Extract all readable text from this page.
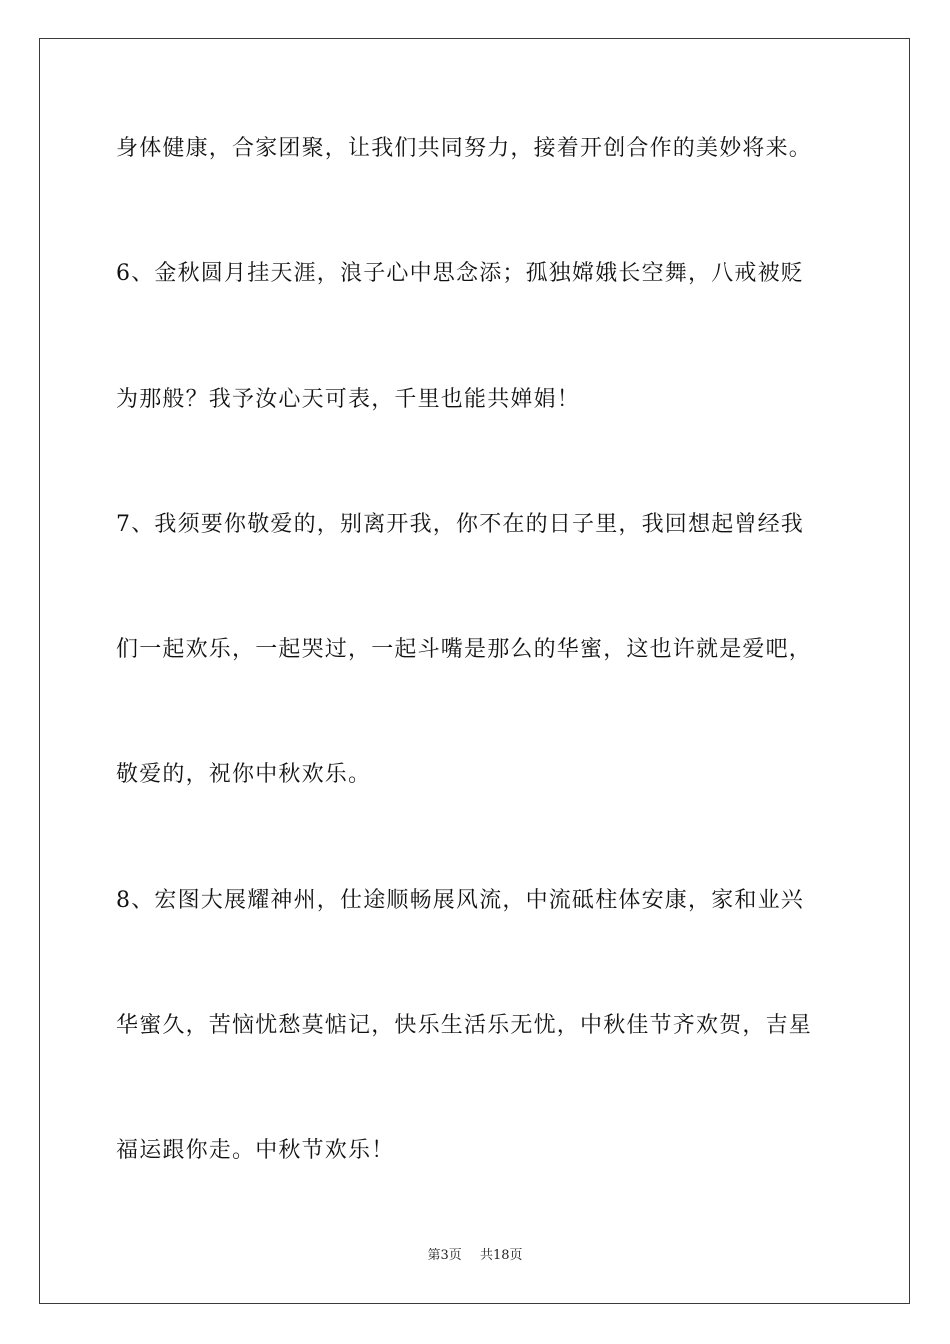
身体健康，合家团聚，让我们共同努力，接着开创合作的美妙将来。
6、金秋圆月挂天涯，浪子心中思念添；孤独嫦娥长空舞，八戒被贬
为那般？我予汝心天可表，千里也能共婵娟！
7、我须要你敬爱的，别离开我，你不在的日子里，我回想起曾经我
们一起欢乐，一起哭过，一起斗嘴是那么的华蜜，这也许就是爱吧，
敬爱的，祝你中秋欢乐。
8、宏图大展耀神州，仕途顺畅展风流，中流砥柱体安康，家和业兴
华蜜久，苦恼忧愁莫惦记，快乐生活乐无忧，中秋佳节齐欢贺，吉星
福运跟你走。中秋节欢乐！
第3页 共18页
